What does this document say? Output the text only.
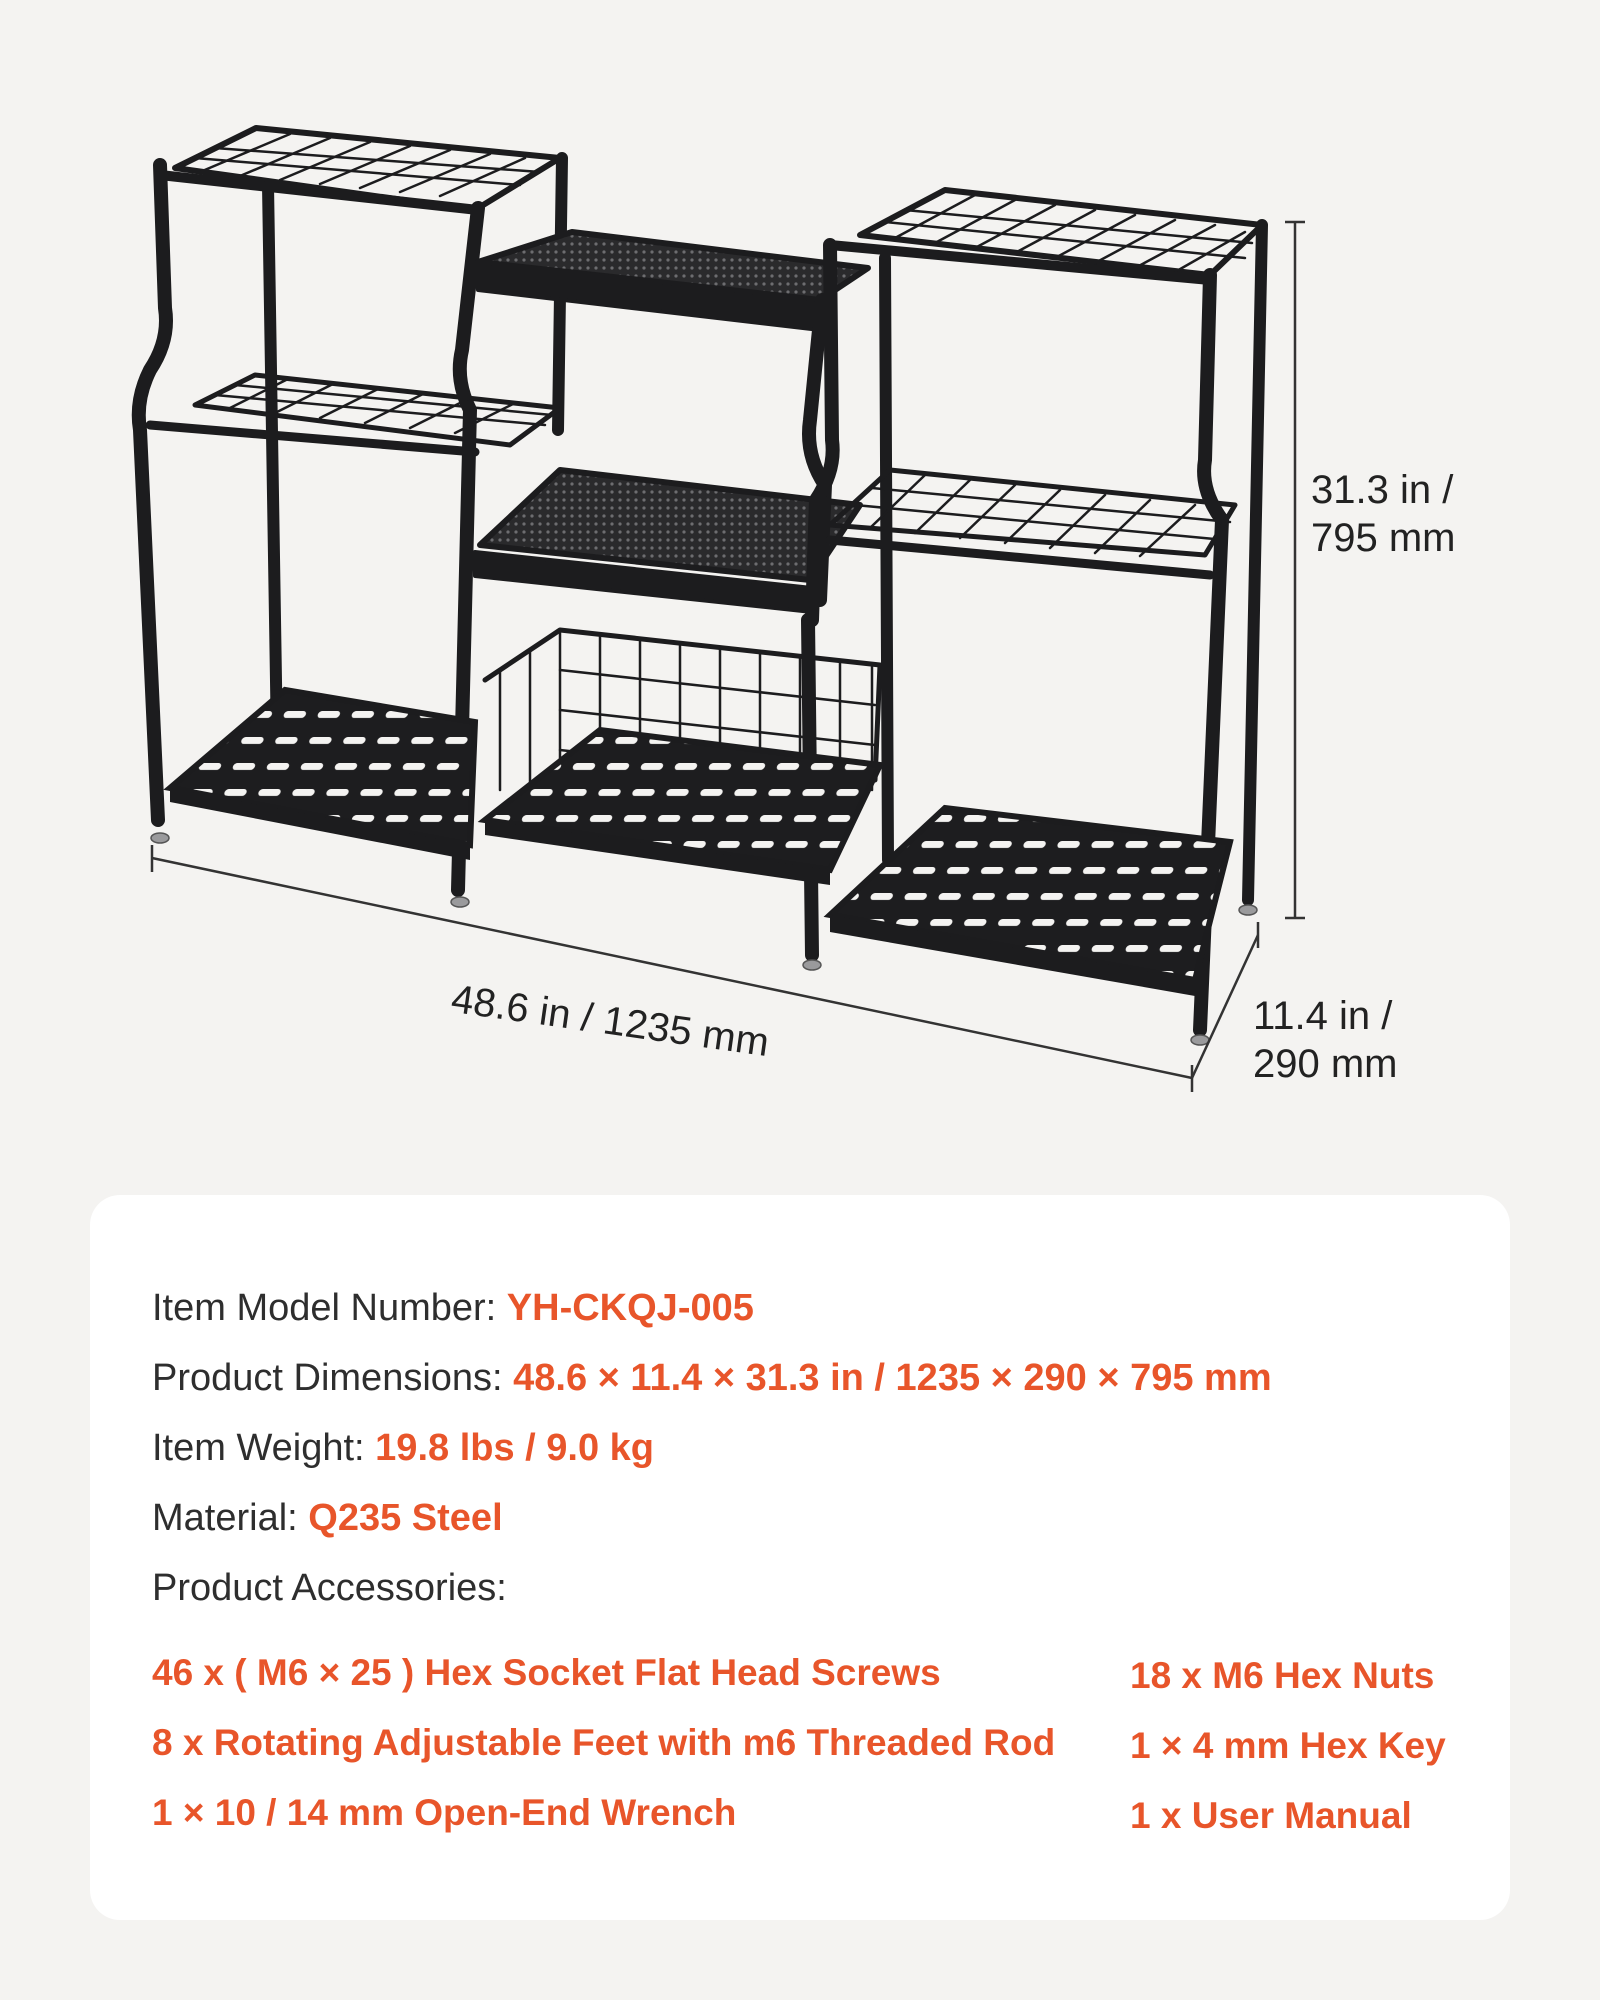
31.3 in /
795 mm
48.6 in / 1235 mm	11.4 in /
290 mm
Item Model Number: YH-CKQJ-005
Product Dimensions: 48.6 × 11.4 × 31.3 in / 1235 × 290 × 795 mm
Item Weight: 19.8 lbs / 9.0 kg
Material: Q235 Steel
Product Accessories:
46 x ( M6 × 25 ) Hex Socket Flat Head Screws
8 x Rotating Adjustable Feet with m6 Threaded Rod
1 × 10 / 14 mm Open-End Wrench
18 x M6 Hex Nuts
1 × 4 mm Hex Key
1 x User Manual
